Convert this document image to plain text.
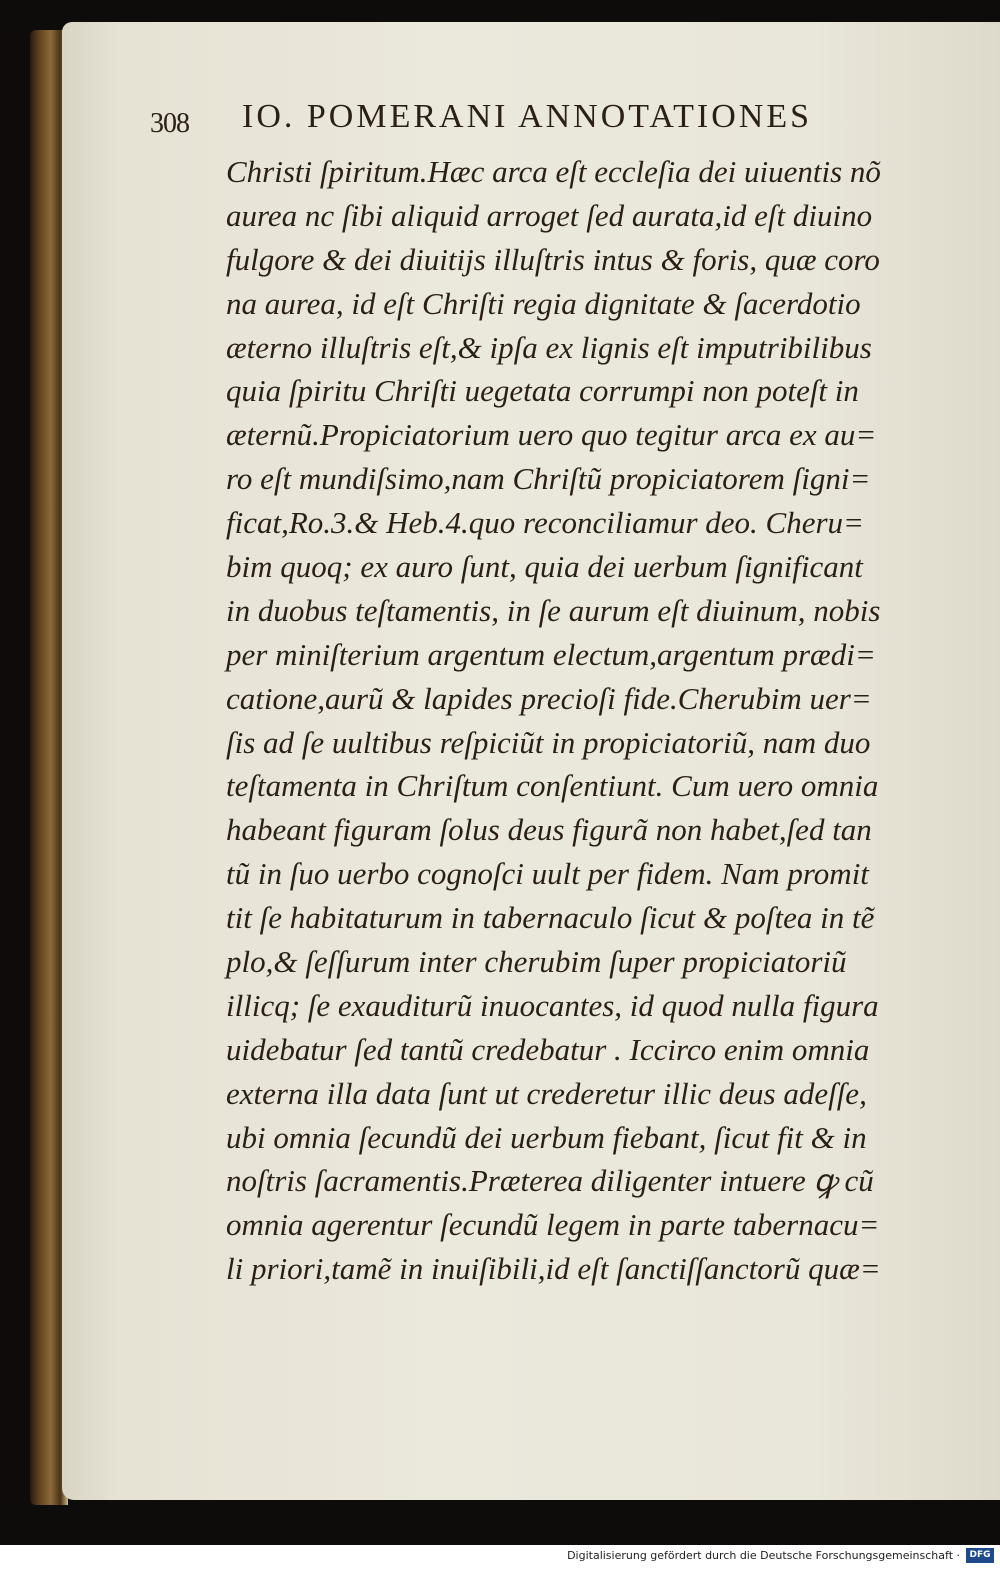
308 IO. POMERANI ANNOTATIONES
Christi ſpiritum.Hæc arca eſt eccleſia dei uiuentis nõ
aurea nc ſibi aliquid arroget ſed aurata,id eſt diuino
fulgore & dei diuitijs illuſtris intus & foris, quæ coro
na aurea, id eſt Chriſti regia dignitate & ſacerdotio
æterno illuſtris eſt,& ipſa ex lignis eſt imputribilibus
quia ſpiritu Chriſti uegetata corrumpi non poteſt in
æternũ.Propiciatorium uero quo tegitur arca ex au=
ro eſt mundiſsimo,nam Chriſtũ propiciatorem ſigni=
ficat,Ro.3.& Heb.4.quo reconciliamur deo. Cheru=
bim quoq; ex auro ſunt, quia dei uerbum ſignificant
in duobus teſtamentis, in ſe aurum eſt diuinum, nobis
per miniſterium argentum electum,argentum prædi=
catione,aurũ & lapides precioſi fide.Cherubim uer=
ſis ad ſe uultibus reſpiciũt in propiciatoriũ, nam duo
teſtamenta in Chriſtum conſentiunt. Cum uero omnia
habeant figuram ſolus deus figurã non habet,ſed tan
tũ in ſuo uerbo cognoſci uult per fidem. Nam promit
tit ſe habitaturum in tabernaculo ſicut & poſtea in tẽ
plo,& ſeſſurum inter cherubim ſuper propiciatoriũ
illicq; ſe exauditurũ inuocantes, id quod nulla figura
uidebatur ſed tantũ credebatur . Iccirco enim omnia
externa illa data ſunt ut crederetur illic deus adeſſe,
ubi omnia ſecundũ dei uerbum fiebant, ſicut fit & in
noſtris ſacramentis.Præterea diligenter intuere ꝙ cũ
omnia agerentur ſecundũ legem in parte tabernacu=
li priori,tamẽ in inuiſibili,id eſt ſanctiſſanctorũ quæ=
Digitalisierung gefördert durch die Deutsche Forschungsgemeinschaft ·	DFG
